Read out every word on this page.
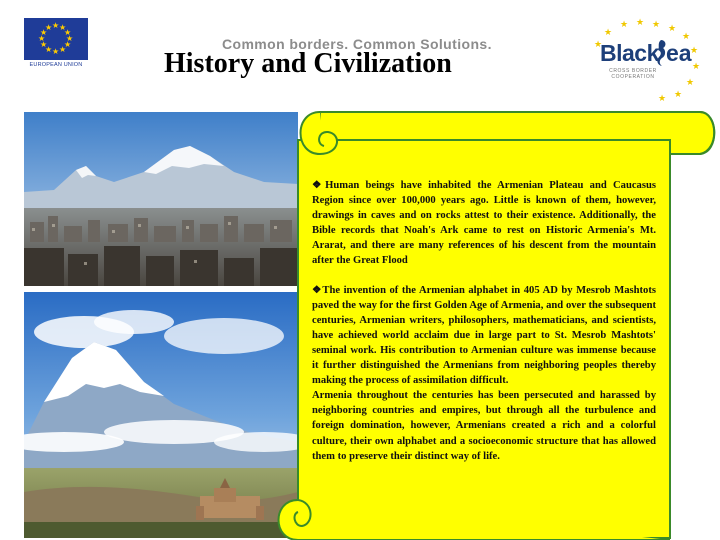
★ ★
★
★
★
★
★
★
★
★
★
★
EUROPEAN UNION
Common borders. Common Solutions.
History and Civilization
★ ★ ★ ★
★
★
★
★
★
★
★
★
Black ea
CROSS BORDER COOPERATION

❖Human beings have inhabited the Armenian Plateau and Caucasus Region since over 100,000 years ago. Little is known of them, however, drawings in caves and on rocks attest to their existence. Additionally, the Bible records that Noah's Ark came to rest on Historic Armenia's Mt. Ararat, and there are many references of his descent from the mountain after the Great Flood

❖The invention of the Armenian alphabet in 405 AD by Mesrob Mashtots paved the way for the first Golden Age of Armenia, and over the subsequent centuries, Armenian writers, philosophers, mathematicians, and scientists, have achieved world acclaim due in large part to St. Mesrob Mashtots' seminal work. His contribution to Armenian culture was immense because it further distinguished the Armenians from neighboring peoples thereby making the process of assimilation difficult.

Armenia throughout the centuries has been persecuted and harassed by neighboring countries and empires, but through all the turbulence and foreign domination, however, Armenians created a rich and a colorful culture, their own alphabet and a socioeconomic structure that has allowed them to preserve their distinct way of life.
